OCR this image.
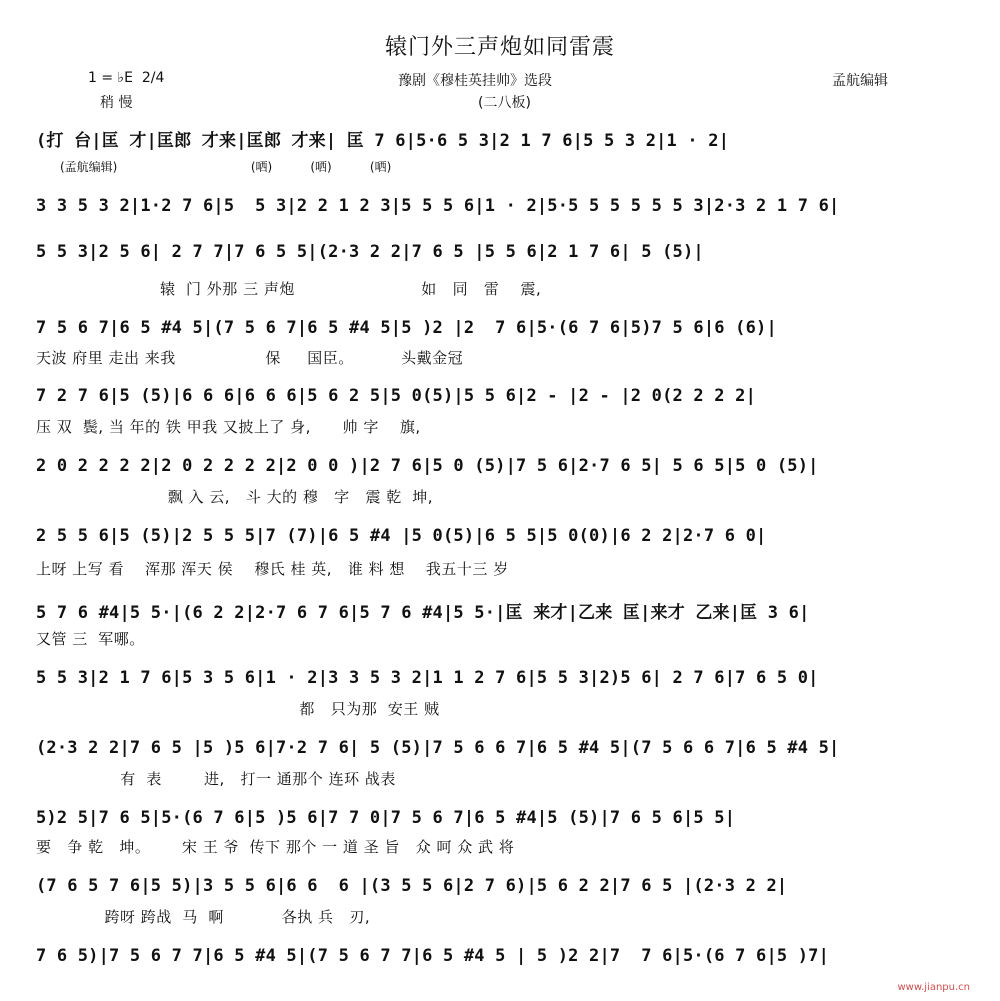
辕门外三声炮如同雷震
1 = ♭E  2/4
稍 慢
豫剧《穆桂英挂帅》选段
(二八板)
孟航编辑
(打 台|匡 才|匡郎 才来|匡郎 才来| 匡 7 6|5·6 5 3|2 1 7 6|5 5 3 2|1 · 2|
(孟航编辑)                                   (哂)          (哂)          (哂)
3 3 5 3 2|1·2 7 6|5  5 3|2 2 1 2 3|5 5 5 6|1 · 2|5·5 5 5 5 5 5 3|2·3 2 1 7 6|
5 5 3|2 5 6| 2 7 7|7 6 5 5|(2·3 2 2|7 6 5 |5 5 6|2 1 7 6| 5 (5)|
辕  门 外那 三 声炮                        如   同   雷    震,
7 5 6 7|6 5 #4 5|(7 5 6 7|6 5 #4 5|5 )2 |2  7 6|5·(6 7 6|5)7 5 6|6 (6)|
天波 府里 走出 来我                 保     国臣。         头戴金冠
7 2 7 6|5 (5)|6 6 6|6 6 6|5 6 2 5|5 0(5)|5 5 6|2 - |2 - |2 0(2 2 2 2|
压 双  鬓, 当 年的 铁 甲我 又披上了 身,      帅 字    旗,
2 0 2 2 2 2|2 0 2 2 2 2|2 0 0 )|2 7 6|5 0 (5)|7 5 6|2·7 6 5| 5 6 5|5 0 (5)|
飘 入 云,   斗 大的 穆   字   震 乾  坤,
2 5 5 6|5 (5)|2 5 5 5|7 (7)|6 5 #4 |5 0(5)|6 5 5|5 0(0)|6 2 2|2·7 6 0|
上呀 上写 看    浑那 浑天 侯    穆氏 桂 英,   谁 料 想    我五十三 岁
5 7 6 #4|5 5·|(6 2 2|2·7 6 7 6|5 7 6 #4|5 5·|匡 来才|乙来 匡|来才 乙来|匡 3 6|
又管 三  军哪。
5 5 3|2 1 7 6|5 3 5 6|1 · 2|3 3 5 3 2|1 1 2 7 6|5 5 3|2)5 6| 2 7 6|7 6 5 0|
都   只为那  安王 贼
(2·3 2 2|7 6 5 |5 )5 6|7·2 7 6| 5 (5)|7 5 6 6 7|6 5 #4 5|(7 5 6 6 7|6 5 #4 5|
有  表        进,   打一 通那个 连环 战表
5)2 5|7 6 5|5·(6 7 6|5 )5 6|7 7 0|7 5 6 7|6 5 #4|5 (5)|7 6 5 6|5 5|
要   争 乾   坤。      宋 王 爷  传下 那个 一 道 圣 旨   众 呵 众 武 将
(7 6 5 7 6|5 5)|3 5 5 6|6 6  6 |(3 5 5 6|2 7 6)|5 6 2 2|7 6 5 |(2·3 2 2|
跨呀 跨战  马  啊           各执 兵   刃,
7 6 5)|7 5 6 7 7|6 5 #4 5|(7 5 6 7 7|6 5 #4 5 | 5 )2 2|7  7 6|5·(6 7 6|5 )7|
www.jianpu.cn
